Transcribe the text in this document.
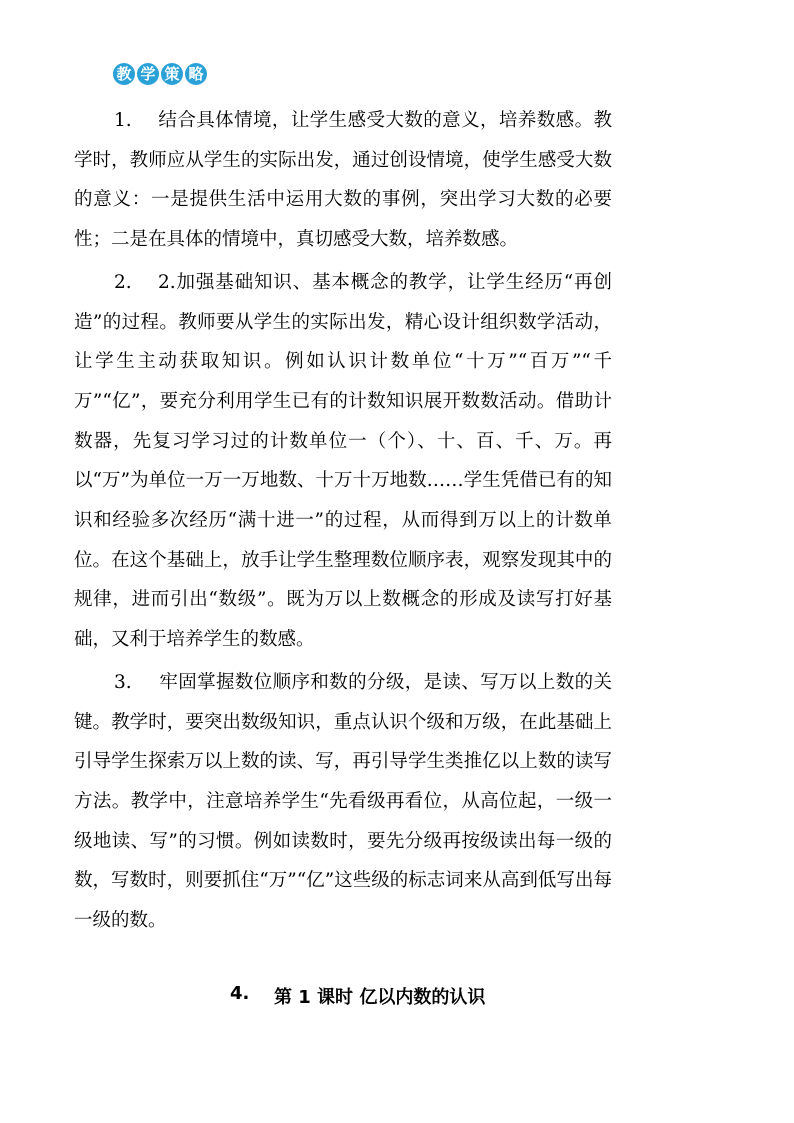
教 学 策 略

1. 结合具体情境，让学生感受大数的意义，培养数感。教学时，教师应从学生的实际出发，通过创设情境，使学生感受大数的意义：一是提供生活中运用大数的事例，突出学习大数的必要性；二是在具体的情境中，真切感受大数，培养数感。

2. 2.加强基础知识、基本概念的教学，让学生经历“再创造”的过程。教师要从学生的实际出发，精心设计组织数学活动，让学生主动获取知识。例如认识计数单位“十万”“百万”“千万”“亿”，要充分利用学生已有的计数知识展开数数活动。借助计数器，先复习学习过的计数单位一（个）、十、百、千、万。再以“万”为单位一万一万地数、十万十万地数……学生凭借已有的知识和经验多次经历“满十进一”的过程，从而得到万以上的计数单位。在这个基础上，放手让学生整理数位顺序表，观察发现其中的规律，进而引出“数级”。既为万以上数概念的形成及读写打好基础，又利于培养学生的数感。

3. 牢固掌握数位顺序和数的分级，是读、写万以上数的关键。教学时，要突出数级知识，重点认识个级和万级，在此基础上引导学生探索万以上数的读、写，再引导学生类推亿以上数的读写方法。教学中，注意培养学生“先看级再看位，从高位起，一级一级地读、写”的习惯。例如读数时，要先分级再按级读出每一级的数，写数时，则要抓住“万”“亿”这些级的标志词来从高到低写出每一级的数。

4. 第 1 课时 亿以内数的认识
